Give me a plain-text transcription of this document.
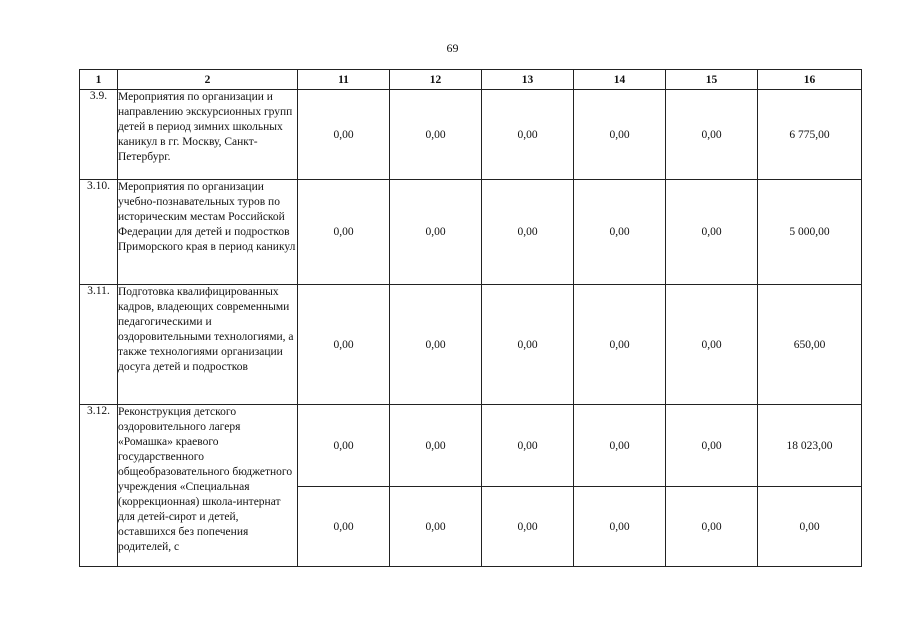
69
1	2	11	12	13	14	15	16
3.9.	Мероприятия по организации и направлению экскурсионных групп детей в период зимних школьных каникул в гг. Москву, Санкт-Петербург.	0,00	0,00	0,00	0,00	0,00	6 775,00
3.10.	Мероприятия по организации учебно-познавательных туров по историческим местам Российской Федерации для детей и подростков Приморского края в период каникул	0,00	0,00	0,00	0,00	0,00	5 000,00
3.11.	Подготовка квалифицированных кадров, владеющих современными педагогическими и оздоровительными технологиями, а также технологиями организации досуга детей и подростков	0,00	0,00	0,00	0,00	0,00	650,00
3.12.	Реконструкция детского оздоровительного лагеря «Ромашка» краевого государственного общеобразовательного бюджетного учреждения «Специальная (коррекционная) школа-интернат для детей-сирот и детей, оставшихся без попечения родителей, с	0,00	0,00	0,00	0,00	0,00	18 023,00
		0,00	0,00	0,00	0,00	0,00	0,00
